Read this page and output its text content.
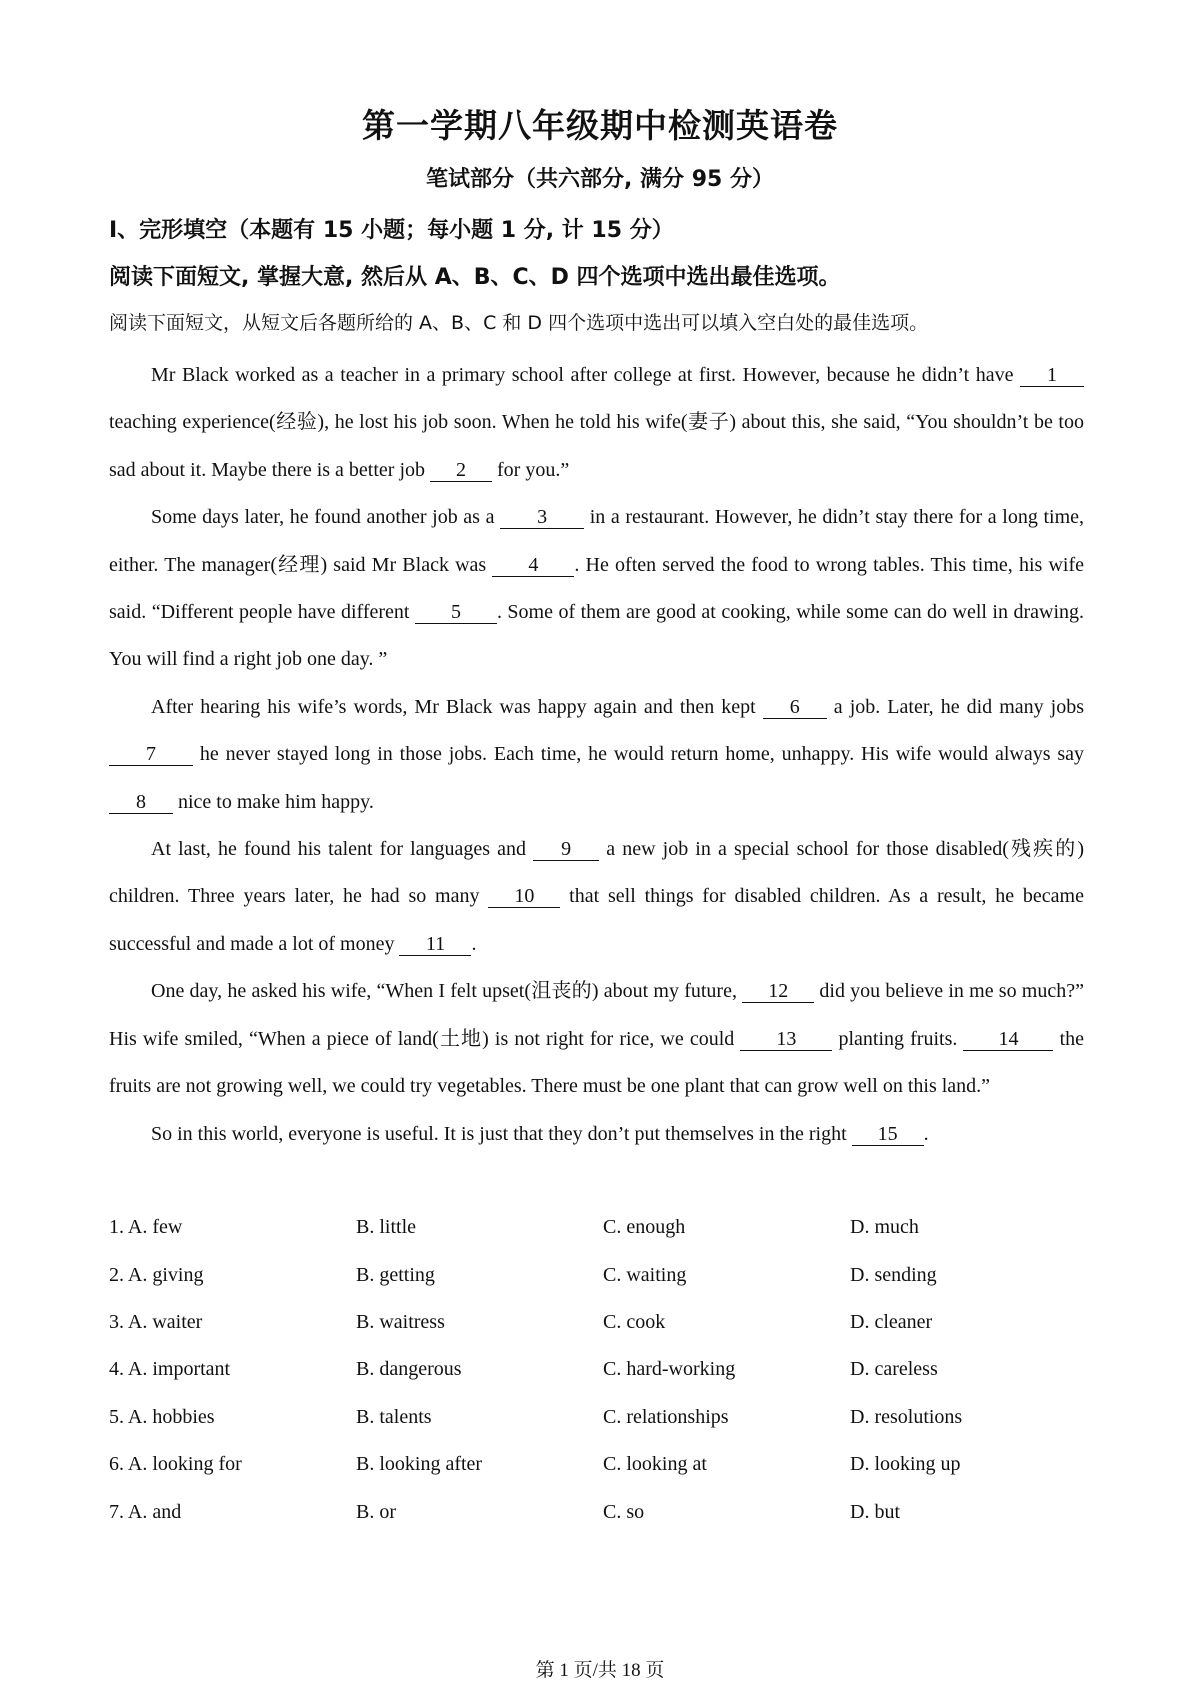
第一学期八年级期中检测英语卷
笔试部分（共六部分, 满分 95 分）
I、完形填空（本题有 15 小题；每小题 1 分, 计 15 分）
阅读下面短文, 掌握大意, 然后从 A、B、C、D 四个选项中选出最佳选项。
阅读下面短文，从短文后各题所给的 A、B、C 和 D 四个选项中选出可以填入空白处的最佳选项。

Mr Black worked as a teacher in a primary school after college at first. However, because he didn’t have 1 teaching experience(经验), he lost his job soon. When he told his wife(妻子) about this, she said, “You shouldn’t be too sad about it. Maybe there is a better job 2 for you.”

Some days later, he found another job as a 3 in a restaurant. However, he didn’t stay there for a long time, either. The manager(经理) said Mr Black was 4 . He often served the food to wrong tables. This time, his wife said. “Different people have different 5 . Some of them are good at cooking, while some can do well in drawing. You will find a right job one day. ”

After hearing his wife’s words, Mr Black was happy again and then kept 6 a job. Later, he did many jobs 7 he never stayed long in those jobs. Each time, he would return home, unhappy. His wife would always say 8 nice to make him happy.

At last, he found his talent for languages and 9 a new job in a special school for those disabled(残疾的) children. Three years later, he had so many 10 that sell things for disabled children. As a result, he became successful and made a lot of money 11 .

One day, he asked his wife, “When I felt upset(沮丧的) about my future, 12 did you believe in me so much?” His wife smiled, “When a piece of land(土地) is not right for rice, we could 13 planting fruits. 14 the fruits are not growing well, we could try vegetables. There must be one plant that can grow well on this land.”

So in this world, everyone is useful. It is just that they don’t put themselves in the right 15 .

1. A. few	B. little	C. enough	D. much
2. A. giving	B. getting	C. waiting	D. sending
3. A. waiter	B. waitress	C. cook	D. cleaner
4. A. important	B. dangerous	C. hard-working	D. careless
5. A. hobbies	B. talents	C. relationships	D. resolutions
6. A. looking for	B. looking after	C. looking at	D. looking up
7. A. and	B. or	C. so	D. but
第 1 页/共 18 页
